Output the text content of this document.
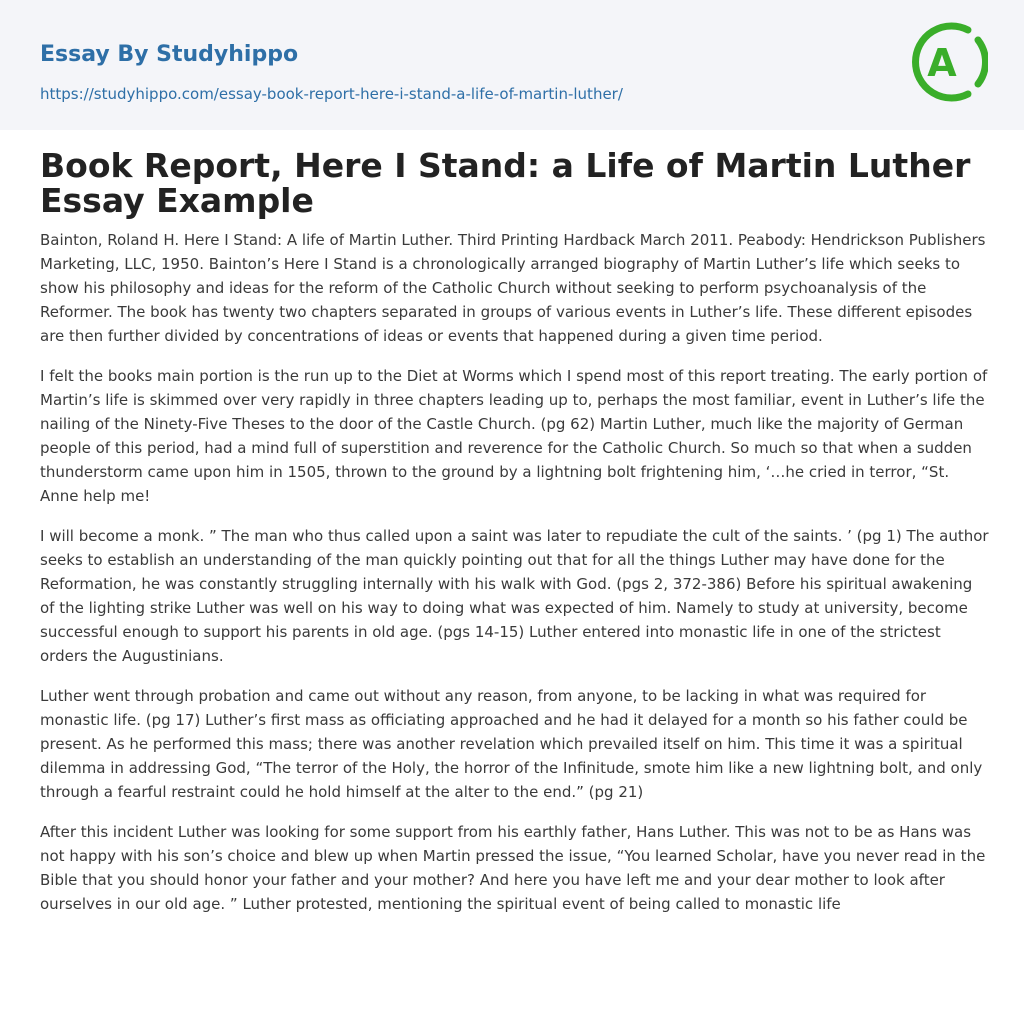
Essay By Studyhippo
https://studyhippo.com/essay-book-report-here-i-stand-a-life-of-martin-luther/
A
Book Report, Here I Stand: a Life of Martin Luther Essay Example

Bainton, Roland H. Here I Stand: A life of Martin Luther. Third Printing Hardback March 2011. Peabody: Hendrickson Publishers Marketing, LLC, 1950. Bainton’s Here I Stand is a chronologically arranged biography of Martin Luther’s life which seeks to show his philosophy and ideas for the reform of the Catholic Church without seeking to perform psychoanalysis of the Reformer. The book has twenty two chapters separated in groups of various events in Luther’s life. These different episodes are then further divided by concentrations of ideas or events that happened during a given time period.

I felt the books main portion is the run up to the Diet at Worms which I spend most of this report treating. The early portion of Martin’s life is skimmed over very rapidly in three chapters leading up to, perhaps the most familiar, event in Luther’s life the nailing of the Ninety-Five Theses to the door of the Castle Church. (pg 62) Martin Luther, much like the majority of German people of this period, had a mind full of superstition and reverence for the Catholic Church. So much so that when a sudden thunderstorm came upon him in 1505, thrown to the ground by a lightning bolt frightening him, ‘…he cried in terror, “St. Anne help me!

I will become a monk. ” The man who thus called upon a saint was later to repudiate the cult of the saints. ’ (pg 1) The author seeks to establish an understanding of the man quickly pointing out that for all the things Luther may have done for the Reformation, he was constantly struggling internally with his walk with God. (pgs 2, 372-386) Before his spiritual awakening of the lighting strike Luther was well on his way to doing what was expected of him. Namely to study at university, become successful enough to support his parents in old age. (pgs 14-15) Luther entered into monastic life in one of the strictest orders the Augustinians.

Luther went through probation and came out without any reason, from anyone, to be lacking in what was required for monastic life. (pg 17) Luther’s first mass as officiating approached and he had it delayed for a month so his father could be present. As he performed this mass; there was another revelation which prevailed itself on him. This time it was a spiritual dilemma in addressing God, “The terror of the Holy, the horror of the Infinitude, smote him like a new lightning bolt, and only through a fearful restraint could he hold himself at the alter to the end.” (pg 21)

After this incident Luther was looking for some support from his earthly father, Hans Luther. This was not to be as Hans was not happy with his son’s choice and blew up when Martin pressed the issue, “You learned Scholar, have you never read in the Bible that you should honor your father and your mother? And here you have left me and your dear mother to look after ourselves in our old age. ” Luther protested, mentioning the spiritual event of being called to monastic life
